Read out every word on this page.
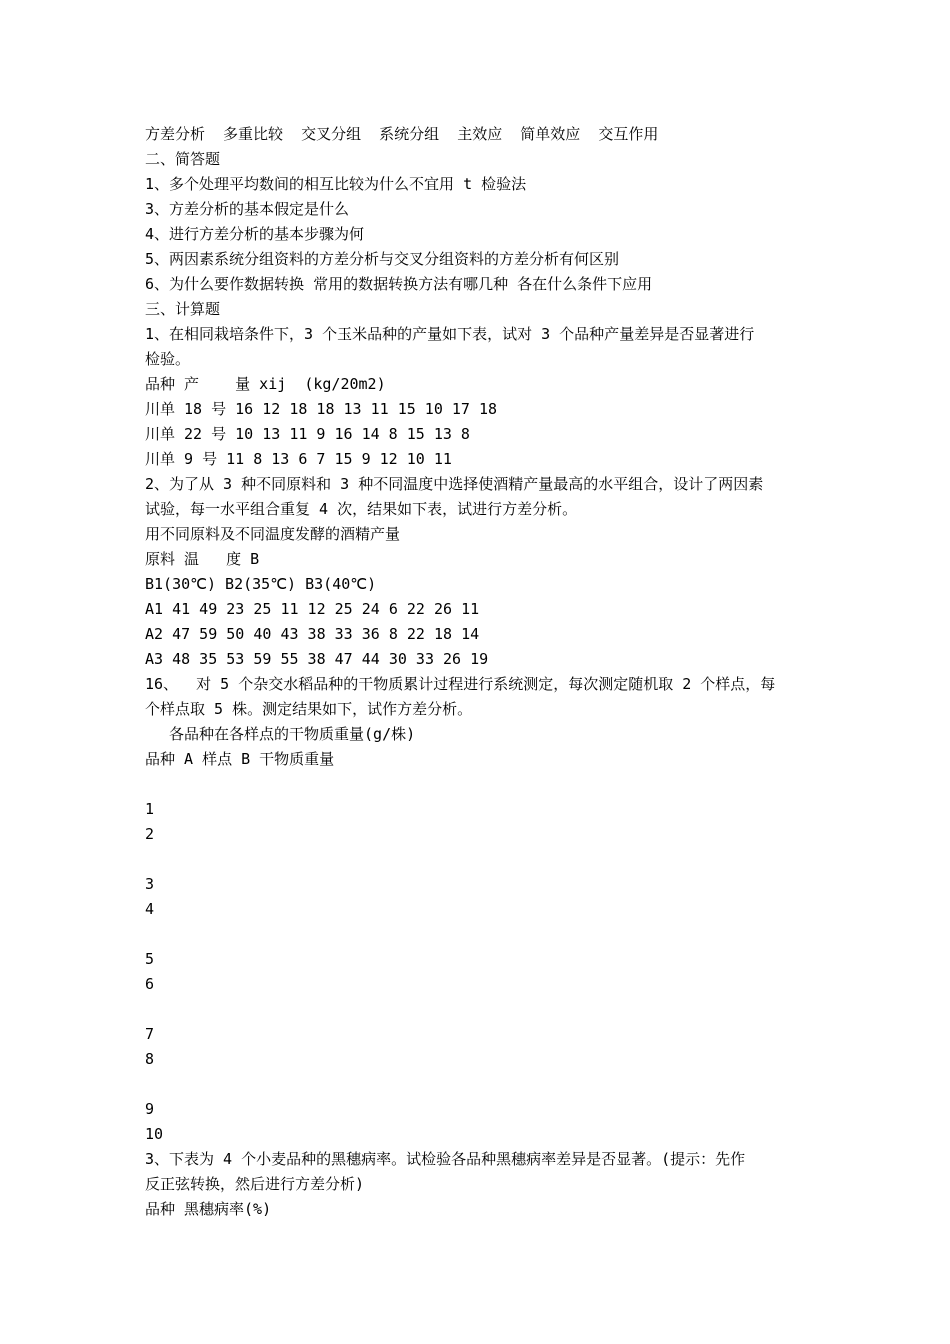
方差分析  多重比较  交叉分组  系统分组  主效应  简单效应  交互作用
二、简答题
1、多个处理平均数间的相互比较为什么不宜用 t 检验法
3、方差分析的基本假定是什么
4、进行方差分析的基本步骤为何
5、两因素系统分组资料的方差分析与交叉分组资料的方差分析有何区别
6、为什么要作数据转换 常用的数据转换方法有哪几种 各在什么条件下应用
三、计算题
1、在相同栽培条件下，3 个玉米品种的产量如下表，试对 3 个品种产量差异是否显著进行
检验。
品种 产    量 xij  (kg/20m2)
川单 18 号 16 12 18 18 13 11 15 10 17 18
川单 22 号 10 13 11 9 16 14 8 15 13 8
川单 9 号 11 8 13 6 7 15 9 12 10 11
2、为了从 3 种不同原料和 3 种不同温度中选择使酒精产量最高的水平组合，设计了两因素
试验，每一水平组合重复 4 次，结果如下表，试进行方差分析。
用不同原料及不同温度发酵的酒精产量
原料 温   度 B
B1(30℃) B2(35℃) B3(40℃)
A1 41 49 23 25 11 12 25 24 6 22 26 11
A2 47 59 50 40 43 38 33 36 8 22 18 14
A3 48 35 53 59 55 38 47 44 30 33 26 19
16、  对 5 个杂交水稻品种的干物质累计过程进行系统测定，每次测定随机取 2 个样点，每
个样点取 5 株。测定结果如下，试作方差分析。
各品种在各样点的干物质重量(g/株)
品种 A 样点 B 干物质重量
1
2
3
4
5
6
7
8
9
10
3、下表为 4 个小麦品种的黑穗病率。试检验各品种黑穗病率差异是否显著。(提示：先作
反正弦转换，然后进行方差分析)
品种 黑穗病率(%)
